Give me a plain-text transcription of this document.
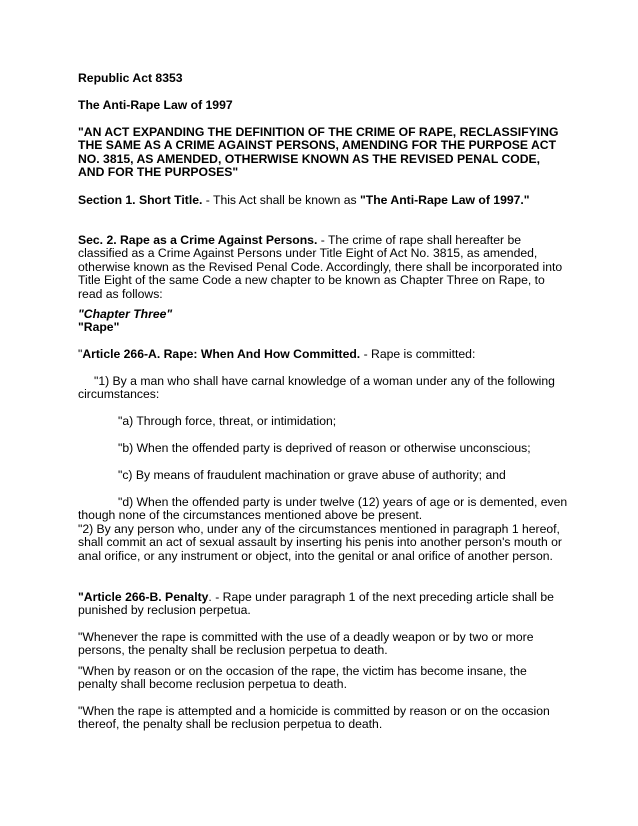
Republic Act 8353

The Anti-Rape Law of 1997

"AN ACT EXPANDING THE DEFINITION OF THE CRIME OF RAPE, RECLASSIFYING THE SAME AS A CRIME AGAINST PERSONS, AMENDING FOR THE PURPOSE ACT NO. 3815, AS AMENDED, OTHERWISE KNOWN AS THE REVISED PENAL CODE, AND FOR THE PURPOSES"

Section 1. Short Title. - This Act shall be known as "The Anti-Rape Law of 1997."

Sec. 2. Rape as a Crime Against Persons. - The crime of rape shall hereafter be classified as a Crime Against Persons under Title Eight of Act No. 3815, as amended, otherwise known as the Revised Penal Code. Accordingly, there shall be incorporated into Title Eight of the same Code a new chapter to be known as Chapter Three on Rape, to read as follows:

"Chapter Three"

"Rape"

"Article 266-A. Rape: When And How Committed. - Rape is committed:

"1) By a man who shall have carnal knowledge of a woman under any of the following circumstances:

"a) Through force, threat, or intimidation;

"b) When the offended party is deprived of reason or otherwise unconscious;

"c) By means of fraudulent machination or grave abuse of authority; and

"d) When the offended party is under twelve (12) years of age or is demented, even though none of the circumstances mentioned above be present.

"2) By any person who, under any of the circumstances mentioned in paragraph 1 hereof, shall commit an act of sexual assault by inserting his penis into another person's mouth or anal orifice, or any instrument or object, into the genital or anal orifice of another person.

"Article 266-B. Penalty. - Rape under paragraph 1 of the next preceding article shall be punished by reclusion perpetua.

"Whenever the rape is committed with the use of a deadly weapon or by two or more persons, the penalty shall be reclusion perpetua to death.

"When by reason or on the occasion of the rape, the victim has become insane, the penalty shall become reclusion perpetua to death.

"When the rape is attempted and a homicide is committed by reason or on the occasion thereof, the penalty shall be reclusion perpetua to death.
